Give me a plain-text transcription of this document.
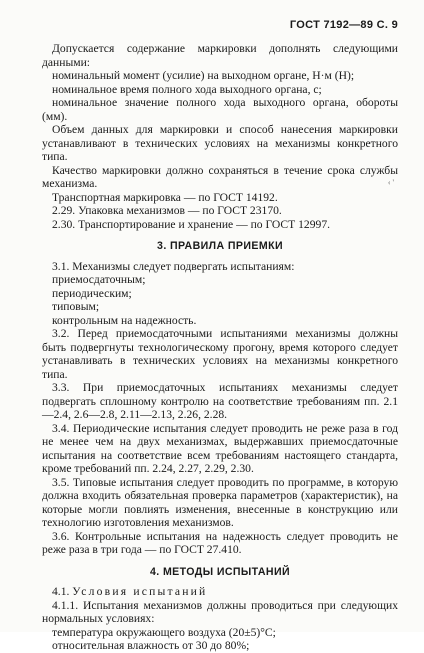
ГОСТ 7192—89 С. 9
‹ '

Допускается содержание маркировки дополнять следующими данными:

номинальный момент (усилие) на выходном органе, Н·м (Н);

номинальное время полного хода выходного органа, с;

номинальное значение полного хода выходного органа, обороты (мм).

Объем данных для маркировки и способ нанесения маркировки устанавливают в технических условиях на механизмы конкретного типа.

Качество маркировки должно сохраняться в течение срока службы механизма.

Транспортная маркировка — по ГОСТ 14192.

2.29. Упаковка механизмов — по ГОСТ 23170.

2.30. Транспортирование и хранение — по ГОСТ 12997.

3. ПРАВИЛА ПРИЕМКИ

3.1. Механизмы следует подвергать испытаниям:

приемосдаточным;

периодическим;

типовым;

контрольным на надежность.

3.2. Перед приемосдаточными испытаниями механизмы должны быть подвергнуты технологическому прогону, время которого следует устанавливать в технических условиях на механизмы конкретного типа.

3.3. При приемосдаточных испытаниях механизмы следует подвергать сплошному контролю на соответствие требованиям пп. 2.1—2.4, 2.6—2.8, 2.11—2.13, 2.26, 2.28.

3.4. Периодические испытания следует проводить не реже раза в год не менее чем на двух механизмах, выдержавших приемосдаточные испытания на соответствие всем требованиям настоящего стандарта, кроме требований пп. 2.24, 2.27, 2.29, 2.30.

3.5. Типовые испытания следует проводить по программе, в которую должна входить обязательная проверка параметров (характеристик), на которые могли повлиять изменения, внесенные в конструкцию или технологию изготовления механизмов.

3.6. Контрольные испытания на надежность следует проводить не реже раза в три года — по ГОСТ 27.410.

4. МЕТОДЫ ИСПЫТАНИЙ

4.1. Условия испытаний

4.1.1. Испытания механизмов должны проводиться при следующих нормальных условиях:

температура окружающего воздуха (20±5)°С;

относительная влажность от 30 до 80%;
